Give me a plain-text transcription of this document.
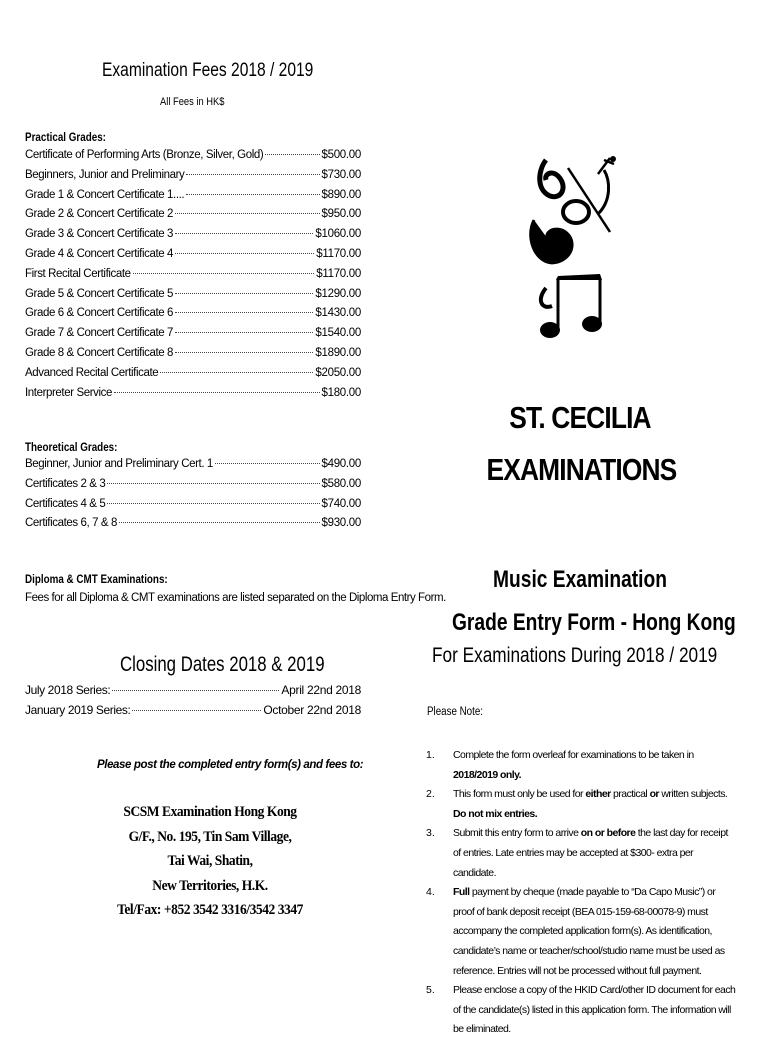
Examination Fees 2018 / 2019
All Fees in HK$
Practical Grades:
Certificate of Performing Arts (Bronze, Silver, Gold)	$500.00
Beginners, Junior and Preliminary	$730.00
Grade 1 & Concert Certificate 1....	$890.00
Grade 2 & Concert Certificate 2	$950.00
Grade 3 & Concert Certificate 3	$1060.00
Grade 4 & Concert Certificate 4	$1170.00
First Recital Certificate	$1170.00
Grade 5 & Concert Certificate 5	$1290.00
Grade 6 & Concert Certificate 6	$1430.00
Grade 7 & Concert Certificate 7	$1540.00
Grade 8 & Concert Certificate 8	$1890.00
Advanced Recital Certificate	$2050.00
Interpreter Service	$180.00
Theoretical Grades:
Beginner, Junior and Preliminary Cert. 1	$490.00
Certificates 2 & 3	$580.00
Certificates 4 & 5	$740.00
Certificates 6, 7 & 8	$930.00
Diploma & CMT Examinations:
Fees for all Diploma & CMT examinations are listed separated on the Diploma Entry Form.
Closing Dates 2018 & 2019
July 2018 Series:	April 22nd 2018
January 2019 Series:	October 22nd 2018
Please post the completed entry form(s) and fees to:
SCSM Examination Hong Kong
G/F., No. 195, Tin Sam Village,
Tai Wai, Shatin,
New Territories, H.K.
Tel/Fax: +852 3542 3316/3542 3347
ST. CECILIA
EXAMINATIONS
Music Examination
Grade Entry Form - Hong Kong
For Examinations During 2018 / 2019
Please Note:
1.	Complete the form overleaf for examinations to be taken in 2018/2019 only.
2.	This form must only be used for either practical or written subjects.
Do not mix entries.
3.	Submit this entry form to arrive on or before the last day for receipt of entries. Late entries may be accepted at $300- extra per candidate.
4.	Full payment by cheque (made payable to “Da Capo Music”) or proof of bank deposit receipt (BEA 015-159-68-00078-9) must accompany the completed application form(s). As identification, candidate’s name or teacher/school/studio name must be used as reference. Entries will not be processed without full payment.
5.	Please enclose a copy of the HKID Card/other ID document for each of the candidate(s) listed in this application form. The information will be eliminated.
